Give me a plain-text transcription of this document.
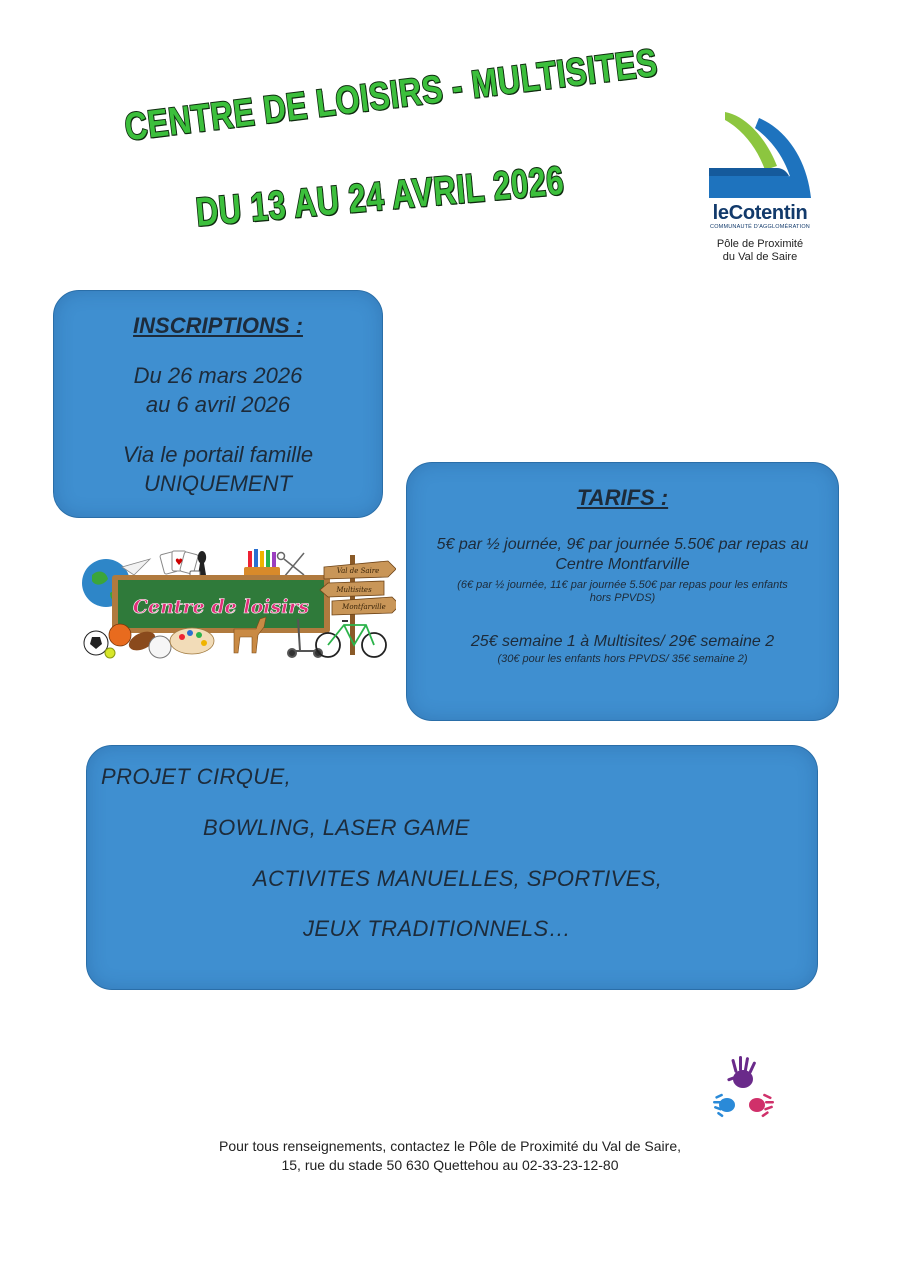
CENTRE DE LOISIRS - MULTISITES
DU 13 AU 24 AVRIL 2026	leCotentin
COMMUNAUTÉ D'AGGLOMÉRATION
Pôle de Proximité
du Val de Saire
INSCRIPTIONS :
Du 26 mars 2026
au 6 avril 2026
Via le portail famille
UNIQUEMENT
♥
Centre de loisirs
Val de Saire
Multisites
Montfarville
TARIFS :
5€ par ½ journée, 9€ par journée 5.50€ par repas au Centre Montfarville
(6€ par ½ journée, 11€ par journée 5.50€ par repas pour les enfants hors PPVDS)
25€ semaine 1 à Multisites/ 29€ semaine 2
(30€ pour les enfants hors PPVDS/ 35€ semaine 2)
PROJET CIRQUE,
BOWLING, LASER GAME
ACTIVITES MANUELLES, SPORTIVES,
JEUX TRADITIONNELS…
Pour tous renseignements, contactez le Pôle de Proximité du Val de Saire,
15, rue du stade 50 630 Quettehou au 02-33-23-12-80
